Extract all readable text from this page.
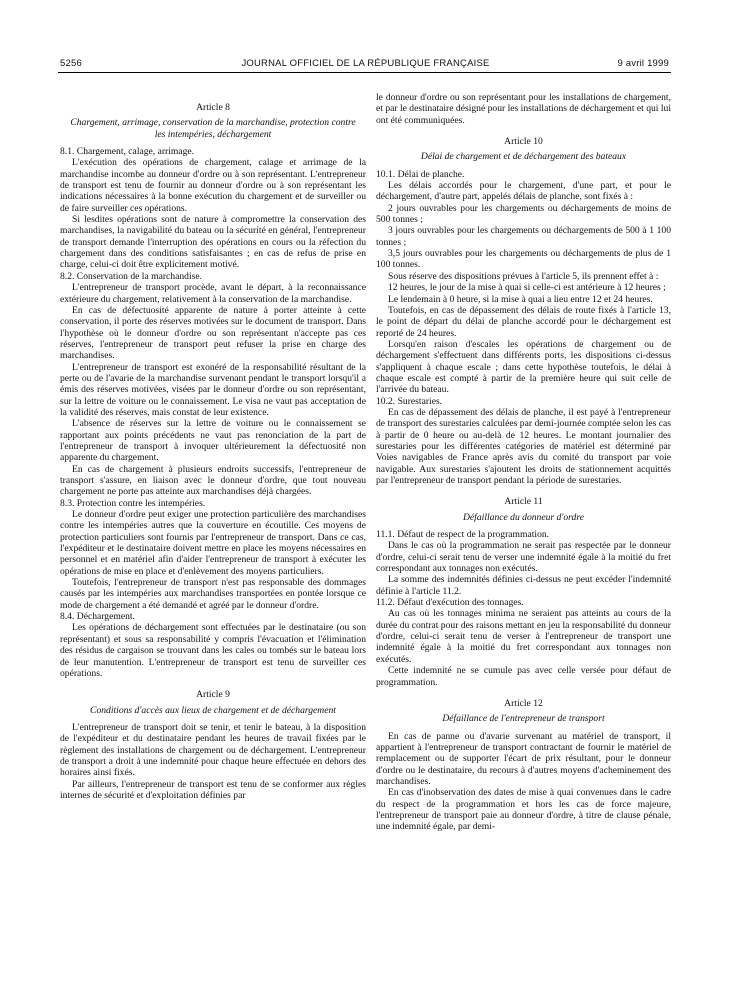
5256	JOURNAL OFFICIEL DE LA RÉPUBLIQUE FRANÇAISE	9 avril 1999
Article 8
Chargement, arrimage, conservation de la marchandise, protection contre les intempéries, déchargement

8.1. Chargement, calage, arrimage.

L'exécution des opérations de chargement, calage et arrimage de la marchandise incombe au donneur d'ordre ou à son représentant. L'entrepreneur de transport est tenu de fournir au donneur d'ordre ou à son représentant les indications nécessaires à la bonne exécution du chargement et de surveiller ou de faire surveiller ces opérations.

Si lesdites opérations sont de nature à compromettre la conservation des marchandises, la navigabilité du bateau ou la sécurité en général, l'entrepreneur de transport demande l'interruption des opérations en cours ou la réfection du chargement dans des conditions satisfaisantes ; en cas de refus de prise en charge, celui-ci doit être explicitement motivé.

8.2. Conservation de la marchandise.

L'entrepreneur de transport procède, avant le départ, à la reconnaissance extérieure du chargement, relativement à la conservation de la marchandise.

En cas de défectuosité apparente de nature à porter atteinte à cette conservation, il porte des réserves motivées sur le document de transport. Dans l'hypothèse où le donneur d'ordre ou son représentant n'accepte pas ces réserves, l'entrepreneur de transport peut refuser la prise en charge des marchandises.

L'entrepreneur de transport est exonéré de la responsabilité résultant de la perte ou de l'avarie de la marchandise survenant pendant le transport lorsqu'il a émis des réserves motivées, visées par le donneur d'ordre ou son représentant, sur la lettre de voiture ou le connaissement. Le visa ne vaut pas acceptation de la validité des réserves, mais constat de leur existence.

L'absence de réserves sur la lettre de voiture ou le connaissement se rapportant aux points précédents ne vaut pas renonciation de la part de l'entrepreneur de transport à invoquer ultérieurement la défectuosité non apparente du chargement.

En cas de chargement à plusieurs endroits successifs, l'entrepreneur de transport s'assure, en liaison avec le donneur d'ordre, que tout nouveau chargement ne porte pas atteinte aux marchandises déjà chargées.

8.3. Protection contre les intempéries.

Le donneur d'ordre peut exiger une protection particulière des marchandises contre les intempéries autres que la couverture en écoutille. Ces moyens de protection particuliers sont fournis par l'entrepreneur de transport. Dans ce cas, l'expéditeur et le destinataire doivent mettre en place les moyens nécessaires en personnel et en matériel afin d'aider l'entrepreneur de transport à exécuter les opérations de mise en place et d'enlèvement des moyens particuliers.

Toutefois, l'entrepreneur de transport n'est pas responsable des dommages causés par les intempéries aux marchandises transportées en pontée lorsque ce mode de chargement a été demandé et agréé par le donneur d'ordre.

8.4. Déchargement.

Les opérations de déchargement sont effectuées par le destinataire (ou son représentant) et sous sa responsabilité y compris l'évacuation et l'élimination des résidus de cargaison se trouvant dans les cales ou tombés sur le bateau lors de leur manutention. L'entrepreneur de transport est tenu de surveiller ces opérations.

Article 9
Conditions d'accès aux lieux de chargement et de déchargement

L'entrepreneur de transport doit se tenir, et tenir le bateau, à la disposition de l'expéditeur et du destinataire pendant les heures de travail fixées par le règlement des installations de chargement ou de déchargement. L'entrepreneur de transport a droit à une indemnité pour chaque heure effectuée en dehors des horaires ainsi fixés.

Par ailleurs, l'entrepreneur de transport est tenu de se conformer aux règles internes de sécurité et d'exploitation définies par

le donneur d'ordre ou son représentant pour les installations de chargement, et par le destinataire désigné pour les installations de déchargement et qui lui ont été communiquées.

Article 10
Délai de chargement et de déchargement des bateaux

10.1. Délai de planche.

Les délais accordés pour le chargement, d'une part, et pour le déchargement, d'autre part, appelés délais de planche, sont fixés à :

2 jours ouvrables pour les chargements ou déchargements de moins de 500 tonnes ;

3 jours ouvrables pour les chargements ou déchargements de 500 à 1 100 tonnes ;

3,5 jours ouvrables pour les chargements ou déchargements de plus de 1 100 tonnes.

Sous réserve des dispositions prévues à l'article 5, ils prennent effet à :

12 heures, le jour de la mise à quai si celle-ci est antérieure à 12 heures ;

Le lendemain à 0 heure, si la mise à quai a lieu entre 12 et 24 heures.

Toutefois, en cas de dépassement des délais de route fixés à l'article 13, le point de départ du délai de planche accordé pour le déchargement est reporté de 24 heures.

Lorsqu'en raison d'escales les opérations de chargement ou de déchargement s'effectuent dans différents ports, les dispositions ci-dessus s'appliquent à chaque escale ; dans cette hypothèse toutefois, le délai à chaque escale est compté à partir de la première heure qui suit celle de l'arrivée du bateau.

10.2. Surestaries.

En cas de dépassement des délais de planche, il est payé à l'entrepreneur de transport des surestaries calculées par demi-journée comptée selon les cas à partir de 0 heure ou au-delà de 12 heures. Le montant journalier des surestaries pour les différentes catégories de matériel est déterminé par Voies navigables de France après avis du comité du transport par voie navigable. Aux surestaries s'ajoutent les droits de stationnement acquittés par l'entrepreneur de transport pendant la période de surestaries.

Article 11
Défaillance du donneur d'ordre

11.1. Défaut de respect de la programmation.

Dans le cas où la programmation ne serait pas respectée par le donneur d'ordre, celui-ci serait tenu de verser une indemnité égale à la moitié du fret correspondant aux tonnages non exécutés.

La somme des indemnités définies ci-dessus ne peut excéder l'indemnité définie à l'article 11.2.

11.2. Défaut d'exécution des tonnages.

Au cas où les tonnages minima ne seraient pas atteints au cours de la durée du contrat pour des raisons mettant en jeu la responsabilité du donneur d'ordre, celui-ci serait tenu de verser à l'entrepreneur de transport une indemnité égale à la moitié du fret correspondant aux tonnages non exécutés.

Cette indemnité ne se cumule pas avec celle versée pour défaut de programmation.

Article 12
Défaillance de l'entrepreneur de transport

En cas de panne ou d'avarie survenant au matériel de transport, il appartient à l'entrepreneur de transport contractant de fournir le matériel de remplacement ou de supporter l'écart de prix résultant, pour le donneur d'ordre ou le destinataire, du recours à d'autres moyens d'acheminement des marchandises.

En cas d'inobservation des dates de mise à quai convenues dans le cadre du respect de la programmation et hors les cas de force majeure, l'entrepreneur de transport paie au donneur d'ordre, à titre de clause pénale, une indemnité égale, par demi-
